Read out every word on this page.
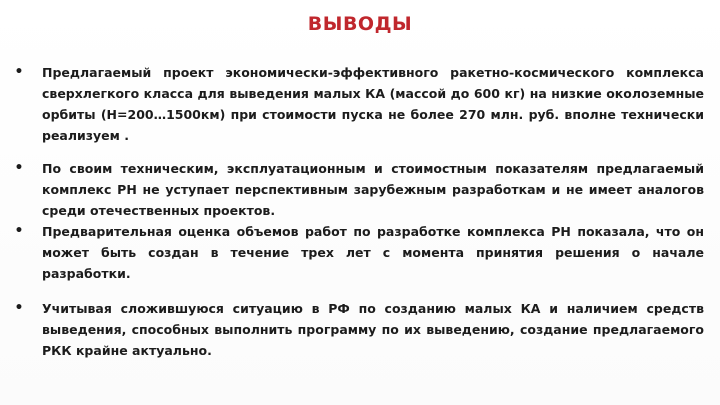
ВЫВОДЫ
• Предлагаемый проект экономически-эффективного ракетно-космического комплекса сверхлегкого класса для выведения малых КА (массой до 600 кг) на низкие околоземные орбиты (Н=200…1500км) при стоимости пуска не более 270 млн. руб. вполне технически реализуем .
• По своим техническим, эксплуатационным и стоимостным показателям предлагаемый комплекс РН не уступает перспективным зарубежным разработкам и не имеет аналогов среди отечественных проектов.
• Предварительная оценка объемов работ по разработке комплекса РН показала, что он может быть создан в течение трех лет с момента принятия решения о начале разработки.
• Учитывая сложившуюся ситуацию в РФ по созданию малых КА и наличием средств выведения, способных выполнить программу по их выведению, создание предлагаемого РКК крайне актуально.
